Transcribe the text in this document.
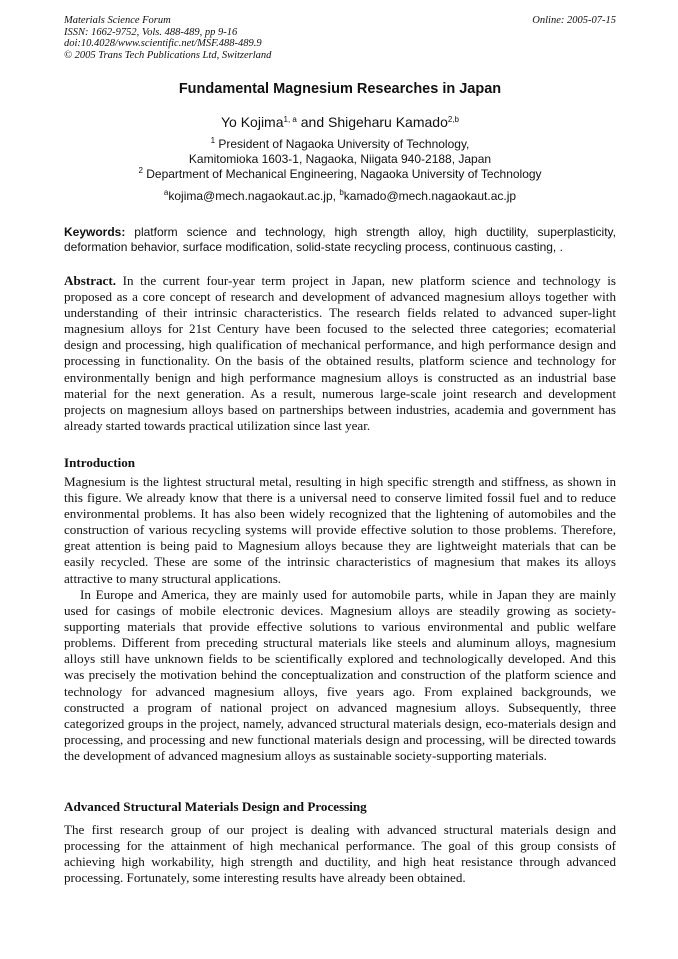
Materials Science Forum
ISSN: 1662-9752, Vols. 488-489, pp 9-16
doi:10.4028/www.scientific.net/MSF.488-489.9
© 2005 Trans Tech Publications Ltd, Switzerland
Online: 2005-07-15
Fundamental Magnesium Researches in Japan
Yo Kojima$^{1, a}$ and Shigeharu Kamado$^{2,b}$
$^1$ President of Nagaoka University of Technology,
Kamitomioka 1603-1, Nagaoka, Niigata 940-2188, Japan
$^2$ Department of Mechanical Engineering, Nagaoka University of Technology
$^a$kojima@mech.nagaokaut.ac.jp, $^b$kamado@mech.nagaokaut.ac.jp
Keywords: platform science and technology, high strength alloy, high ductility, superplasticity, deformation behavior, surface modification, solid-state recycling process, continuous casting, .
Abstract. In the current four-year term project in Japan, new platform science and technology is proposed as a core concept of research and development of advanced magnesium alloys together with understanding of their intrinsic characteristics. The research fields related to advanced super-light magnesium alloys for 21st Century have been focused to the selected three categories; ecomaterial design and processing, high qualification of mechanical performance, and high performance design and processing in functionality. On the basis of the obtained results, platform science and technology for environmentally benign and high performance magnesium alloys is constructed as an industrial base material for the next generation. As a result, numerous large-scale joint research and development projects on magnesium alloys based on partnerships between industries, academia and government has already started towards practical utilization since last year.
Introduction

Magnesium is the lightest structural metal, resulting in high specific strength and stiffness, as shown in this figure. We already know that there is a universal need to conserve limited fossil fuel and to reduce environmental problems. It has also been widely recognized that the lightening of automobiles and the construction of various recycling systems will provide effective solution to those problems. Therefore, great attention is being paid to Magnesium alloys because they are lightweight materials that can be easily recycled. These are some of the intrinsic characteristics of magnesium that makes its alloys attractive to many structural applications.

In Europe and America, they are mainly used for automobile parts, while in Japan they are mainly used for casings of mobile electronic devices. Magnesium alloys are steadily growing as society-supporting materials that provide effective solutions to various environmental and public welfare problems. Different from preceding structural materials like steels and aluminum alloys, magnesium alloys still have unknown fields to be scientifically explored and technologically developed. And this was precisely the motivation behind the conceptualization and construction of the platform science and technology for advanced magnesium alloys, five years ago. From explained backgrounds, we constructed a program of national project on advanced magnesium alloys. Subsequently, three categorized groups in the project, namely, advanced structural materials design, eco-materials design and processing, and processing and new functional materials design and processing, will be directed towards the development of advanced magnesium alloys as sustainable society-supporting materials.

Advanced Structural Materials Design and Processing

The first research group of our project is dealing with advanced structural materials design and processing for the attainment of high mechanical performance. The goal of this group consists of achieving high workability, high strength and ductility, and high heat resistance through advanced processing. Fortunately, some interesting results have already been obtained.
